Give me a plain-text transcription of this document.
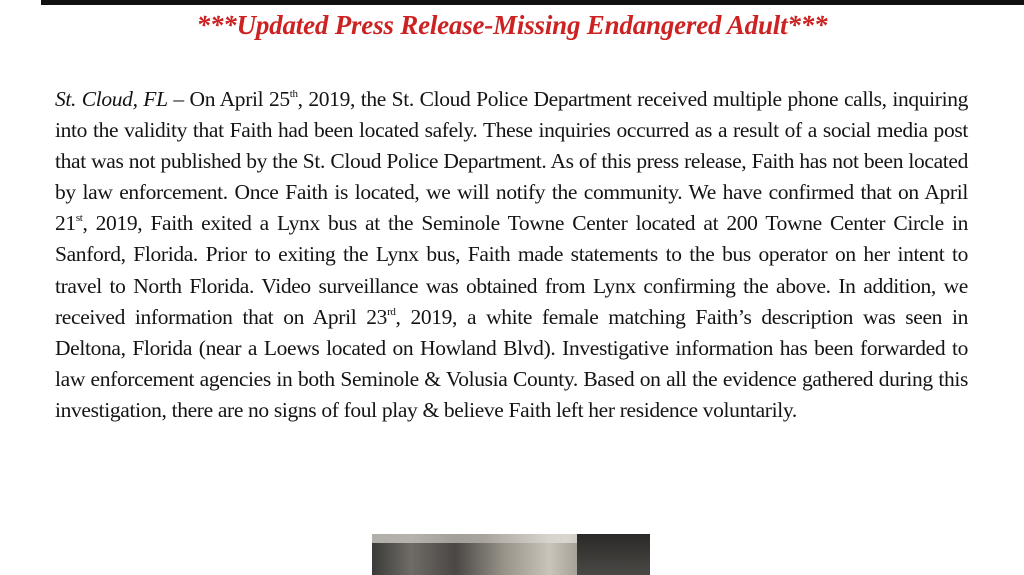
***Updated Press Release-Missing Endangered Adult***
St. Cloud, FL – On April 25th, 2019, the St. Cloud Police Department received multiple phone calls, inquiring into the validity that Faith had been located safely. These inquiries occurred as a result of a social media post that was not published by the St. Cloud Police Department. As of this press release, Faith has not been located by law enforcement. Once Faith is located, we will notify the community. We have confirmed that on April 21st, 2019, Faith exited a Lynx bus at the Seminole Towne Center located at 200 Towne Center Circle in Sanford, Florida. Prior to exiting the Lynx bus, Faith made statements to the bus operator on her intent to travel to North Florida. Video surveillance was obtained from Lynx confirming the above. In addition, we received information that on April 23rd, 2019, a white female matching Faith’s description was seen in Deltona, Florida (near a Loews located on Howland Blvd). Investigative information has been forwarded to law enforcement agencies in both Seminole & Volusia County. Based on all the evidence gathered during this investigation, there are no signs of foul play & believe Faith left her residence voluntarily.
